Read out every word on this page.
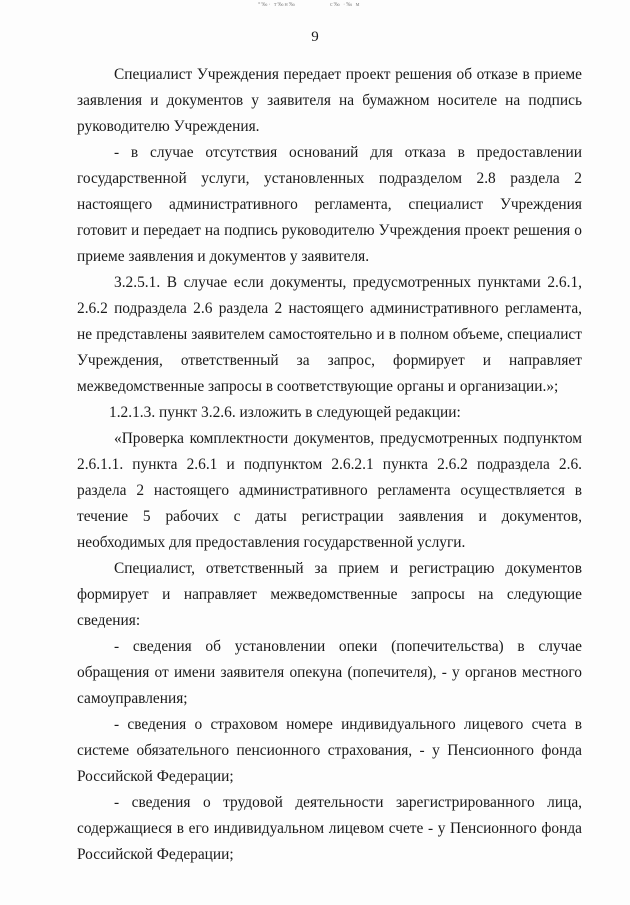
°‰· т‰н‰	с‰ ·‰ м
9

Специалист Учреждения передает проект решения об отказе в приеме заявления и документов у заявителя на бумажном носителе на подпись руководителю Учреждения.

- в случае отсутствия оснований для отказа в предоставлении государственной услуги, установленных подразделом 2.8 раздела 2 настоящего административного регламента, специалист Учреждения готовит и передает на подпись руководителю Учреждения проект решения о приеме заявления и документов у заявителя.

3.2.5.1. В случае если документы, предусмотренных пунктами 2.6.1, 2.6.2 подраздела 2.6 раздела 2 настоящего административного регламента, не представлены заявителем самостоятельно и в полном объеме, специалист Учреждения, ответственный за запрос, формирует и направляет межведомственные запросы в соответствующие органы и организации.»;

1.2.1.3. пункт 3.2.6. изложить в следующей редакции:

«Проверка комплектности документов, предусмотренных подпунктом 2.6.1.1. пункта 2.6.1 и подпунктом 2.6.2.1 пункта 2.6.2 подраздела 2.6. раздела 2 настоящего административного регламента осуществляется в течение 5 рабочих с даты регистрации заявления и документов, необходимых для предоставления государственной услуги.

Специалист, ответственный за прием и регистрацию документов формирует и направляет межведомственные запросы на следующие сведения:

- сведения об установлении опеки (попечительства) в случае обращения от имени заявителя опекуна (попечителя), - у органов местного самоуправления;

- сведения о страховом номере индивидуального лицевого счета в системе обязательного пенсионного страхования, - у Пенсионного фонда Российской Федерации;

- сведения о трудовой деятельности зарегистрированного лица, содержащиеся в его индивидуальном лицевом счете - у Пенсионного фонда Российской Федерации;
